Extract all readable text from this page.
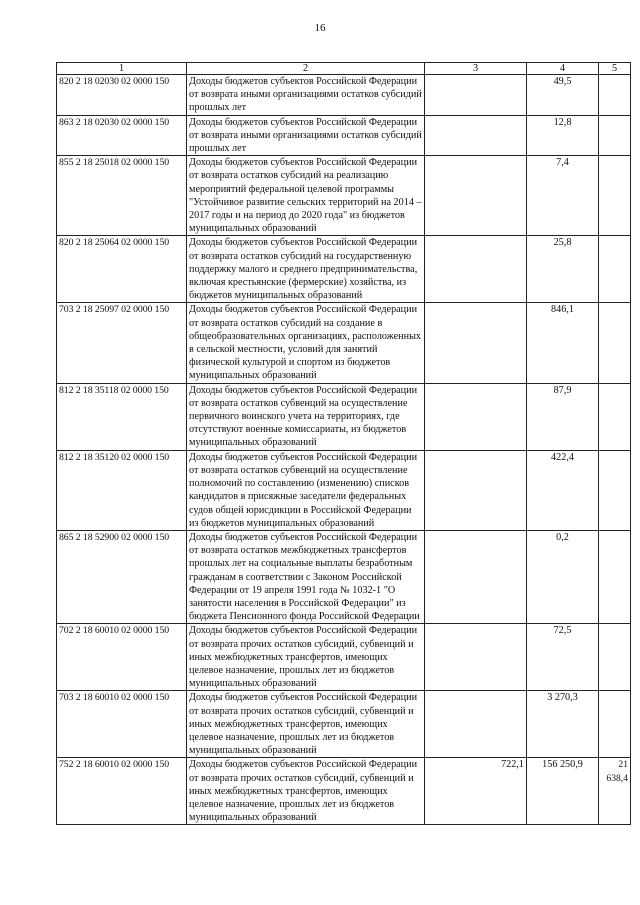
16
1	2	3	4	5
820 2 18 02030 02 0000 150	Доходы бюджетов субъектов Российской Федерации от возврата иными организациями остатков субсидий прошлых лет		49,5	
863 2 18 02030 02 0000 150	Доходы бюджетов субъектов Российской Федерации от возврата иными организациями остатков субсидий прошлых лет		12,8	
855 2 18 25018 02 0000 150	Доходы бюджетов субъектов Российской Федерации от возврата остатков субсидий на реализацию мероприятий федеральной целевой программы "Устойчивое развитие сельских территорий на 2014 – 2017 годы и на период до 2020 года" из бюджетов муниципальных образований		7,4	
820 2 18 25064 02 0000 150	Доходы бюджетов субъектов Российской Федерации от возврата остатков субсидий на государственную поддержку малого и среднего предпринимательства, включая крестьянские (фермерские) хозяйства, из бюджетов муниципальных образований		25,8	
703 2 18 25097 02 0000 150	Доходы бюджетов субъектов Российской Федерации от возврата остатков субсидий на создание в общеобразовательных организациях, расположенных в сельской местности, условий для занятий физической культурой и спортом из бюджетов муниципальных образований		846,1	
812 2 18 35118 02 0000 150	Доходы бюджетов субъектов Российской Федерации от возврата остатков субвенций на осуществление первичного воинского учета на территориях, где отсутствуют военные комиссариаты, из бюджетов муниципальных образований		87,9	
812 2 18 35120 02 0000 150	Доходы бюджетов субъектов Российской Федерации от возврата остатков субвенций на осуществление полномочий по составлению (изменению) списков кандидатов в присяжные заседатели федеральных судов общей юрисдикции в Российской Федерации из бюджетов муниципальных образований		422,4	
865 2 18 52900 02 0000 150	Доходы бюджетов субъектов Российской Федерации от возврата остатков межбюджетных трансфертов прошлых лет на социальные выплаты безработным гражданам в соответствии с Законом Российской Федерации от 19 апреля 1991 года № 1032-1 "О занятости населения в Российской Федерации" из бюджета Пенсионного фонда Российской Федерации		0,2	
702 2 18 60010 02 0000 150	Доходы бюджетов субъектов Российской Федерации от возврата прочих остатков субсидий, субвенций и иных межбюджетных трансфертов, имеющих целевое назначение, прошлых лет из бюджетов муниципальных образований		72,5	
703 2 18 60010 02 0000 150	Доходы бюджетов субъектов Российской Федерации от возврата прочих остатков субсидий, субвенций и иных межбюджетных трансфертов, имеющих целевое назначение, прошлых лет из бюджетов муниципальных образований		3 270,3	
752 2 18 60010 02 0000 150	Доходы бюджетов субъектов Российской Федерации от возврата прочих остатков субсидий, субвенций и иных межбюджетных трансфертов, имеющих целевое назначение, прошлых лет из бюджетов муниципальных образований	722,1	156 250,9	21 638,4
